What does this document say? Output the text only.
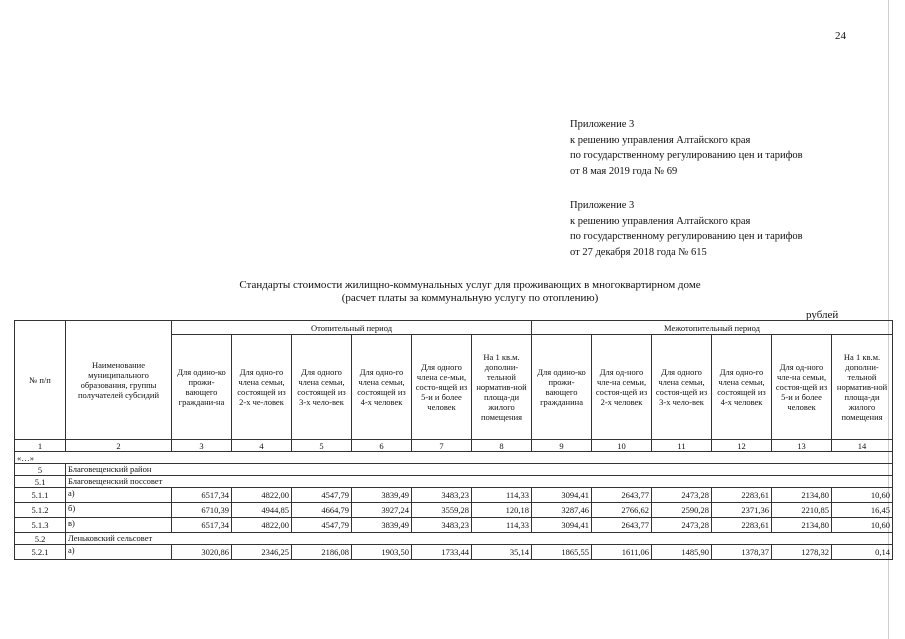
24
Приложение 3
к решению управления Алтайского края
по государственному регулированию цен и тарифов
от 8 мая 2019 года № 69
Приложение 3
к решению управления Алтайского края
по государственному регулированию цен и тарифов
от 27 декабря 2018 года № 615
Стандарты стоимости жилищно-коммунальных услуг для проживающих в многоквартирном доме
(расчет платы за коммунальную услугу по отоплению)
рублей
№ п/п	Наименование муниципального образования, группы получателей субсидий	Отопительный период						Межотопительный период					
		Для одино-ко прожи-вающего граждани-на	Для одно-го члена семьи, состоящей из 2-х че-ловек	Для одного члена семьи, состоящей из 3-х чело-век	Для одно-го члена семьи, состоящей из 4-х человек	Для одного члена се-мьи, состо-ящей из 5-и и более человек	На 1 кв.м. дополни-тельной норматив-ной площа-ди жилого помещения	Для одино-ко прожи-вающего гражданина	Для од-ного чле-на семьи, состоя-щей из 2-х человек	Для одного члена семьи, состоя-щей из 3-х чело-век	Для одно-го члена семьи, состоящей из 4-х человек	Для од-ного чле-на семьи, состоя-щей из 5-и и более человек	На 1 кв.м. дополни-тельной норматив-ной площа-ди жилого помещения
1	2	3	4	5	6	7	8	9	10	11	12	13	14
«…»													
5	Благовещенский район												
5.1	Благовещенский поссовет												
5.1.1	а)	6517,34	4822,00	4547,79	3839,49	3483,23	114,33	3094,41	2643,77	2473,28	2283,61	2134,80	10,60
5.1.2	б)	6710,39	4944,85	4664,79	3927,24	3559,28	120,18	3287,46	2766,62	2590,28	2371,36	2210,85	16,45
5.1.3	в)	6517,34	4822,00	4547,79	3839,49	3483,23	114,33	3094,41	2643,77	2473,28	2283,61	2134,80	10,60
5.2	Леньковский сельсовет												
5.2.1	а)	3020,86	2346,25	2186,08	1903,50	1733,44	35,14	1865,55	1611,06	1485,90	1378,37	1278,32	0,14
